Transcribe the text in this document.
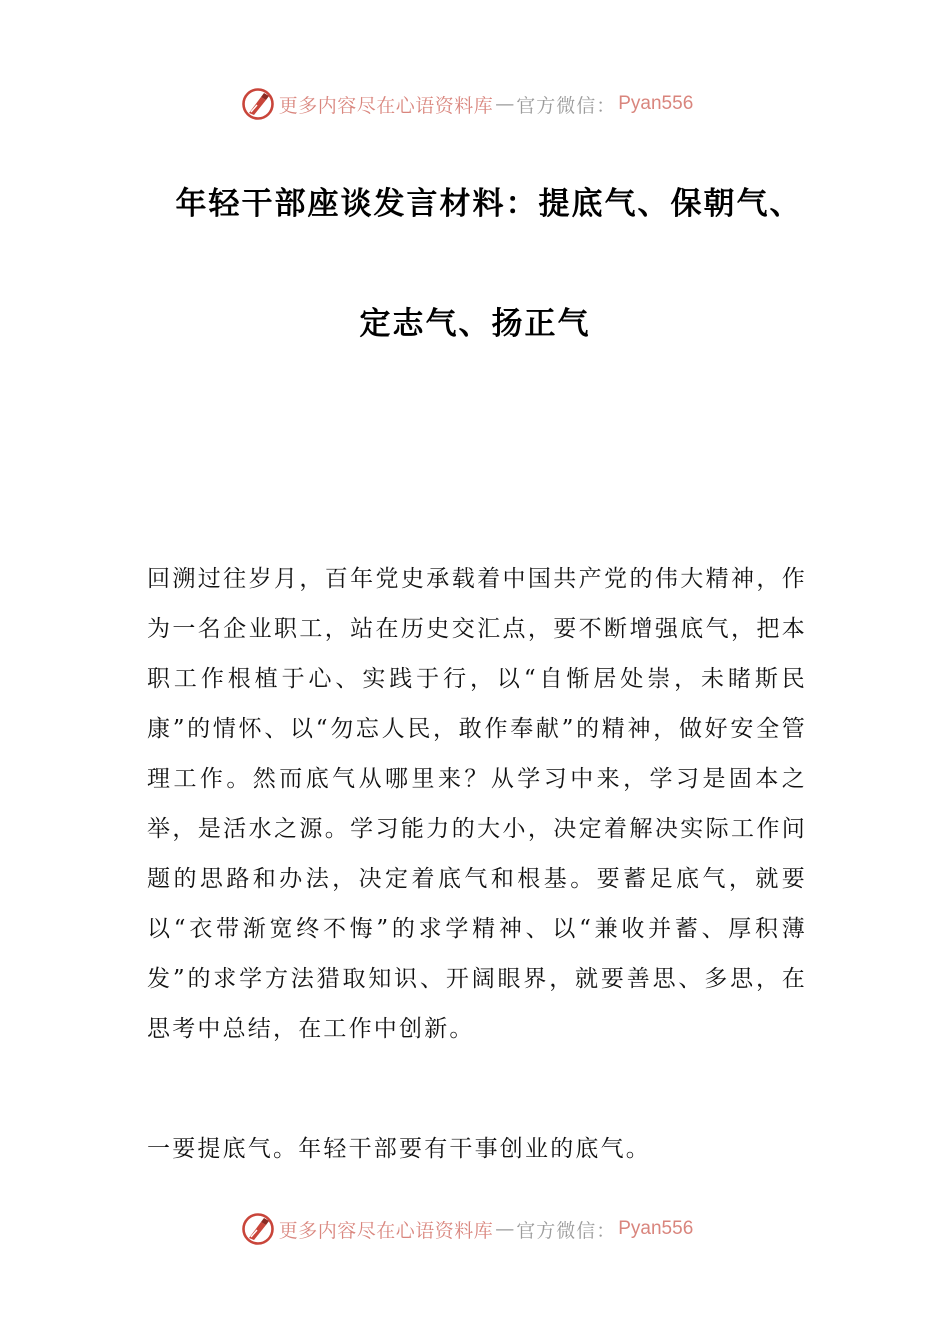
更多内容尽在心语资料库 — 官方微信： Pyan556
年轻干部座谈发言材料：提底气、保朝气、
定志气、扬正气

回溯过往岁月，百年党史承载着中国共产党的伟大精神，作为一名企业职工，站在历史交汇点，要不断增强底气，把本职工作根植于心、实践于行，以“自惭居处崇，未睹斯民康”的情怀、以“勿忘人民，敢作奉献”的精神，做好安全管理工作。然而底气从哪里来？从学习中来，学习是固本之举，是活水之源。学习能力的大小，决定着解决实际工作问题的思路和办法，决定着底气和根基。要蓄足底气，就要以“衣带渐宽终不悔”的求学精神、以“兼收并蓄、厚积薄发”的求学方法猎取知识、开阔眼界，就要善思、多思，在思考中总结，在工作中创新。

一要提底气。年轻干部要有干事创业的底气。

更多内容尽在心语资料库 — 官方微信： Pyan556
